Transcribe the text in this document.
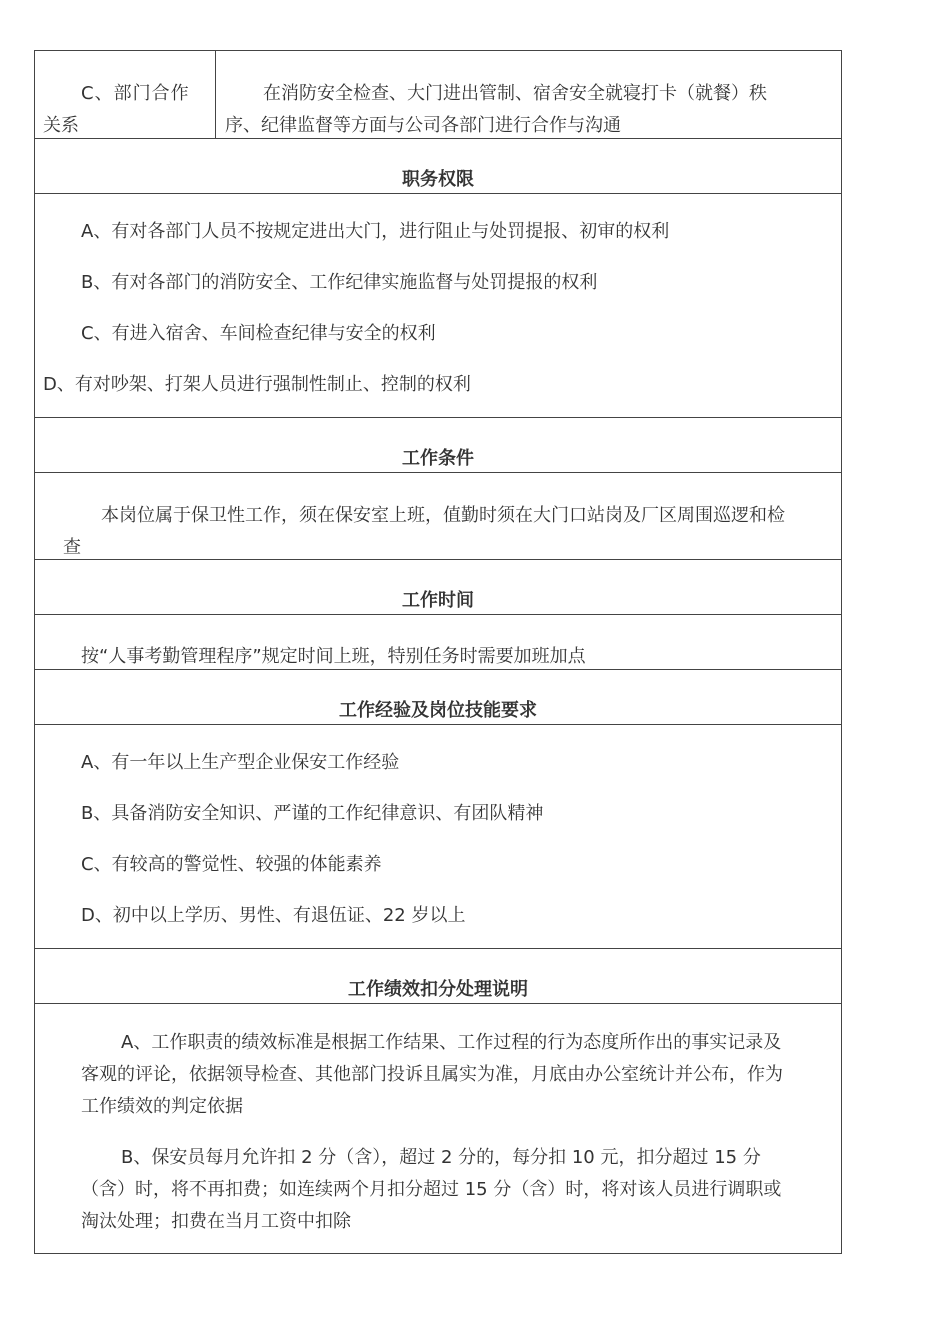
C、部门合作
关系
在消防安全检查、大门进出管制、宿舍安全就寝打卡（就餐）秩
序、纪律监督等方面与公司各部门进行合作与沟通
职务权限
A、有对各部门人员不按规定进出大门，进行阻止与处罚提报、初审的权利
B、有对各部门的消防安全、工作纪律实施监督与处罚提报的权利
C、有进入宿舍、车间检查纪律与安全的权利
D、有对吵架、打架人员进行强制性制止、控制的权利
工作条件
本岗位属于保卫性工作，须在保安室上班，值勤时须在大门口站岗及厂区周围巡逻和检
查
工作时间
按“人事考勤管理程序”规定时间上班，特别任务时需要加班加点
工作经验及岗位技能要求
A、有一年以上生产型企业保安工作经验
B、具备消防安全知识、严谨的工作纪律意识、有团队精神
C、有较高的警觉性、较强的体能素养
D、初中以上学历、男性、有退伍证、22 岁以上
工作绩效扣分处理说明
A、工作职责的绩效标准是根据工作结果、工作过程的行为态度所作出的事实记录及
客观的评论，依据领导检查、其他部门投诉且属实为准，月底由办公室统计并公布，作为
工作绩效的判定依据
B、保安员每月允许扣 2 分（含），超过 2 分的，每分扣 10 元，扣分超过 15 分
（含）时，将不再扣费；如连续两个月扣分超过 15 分（含）时，将对该人员进行调职或
淘汰处理；扣费在当月工资中扣除
